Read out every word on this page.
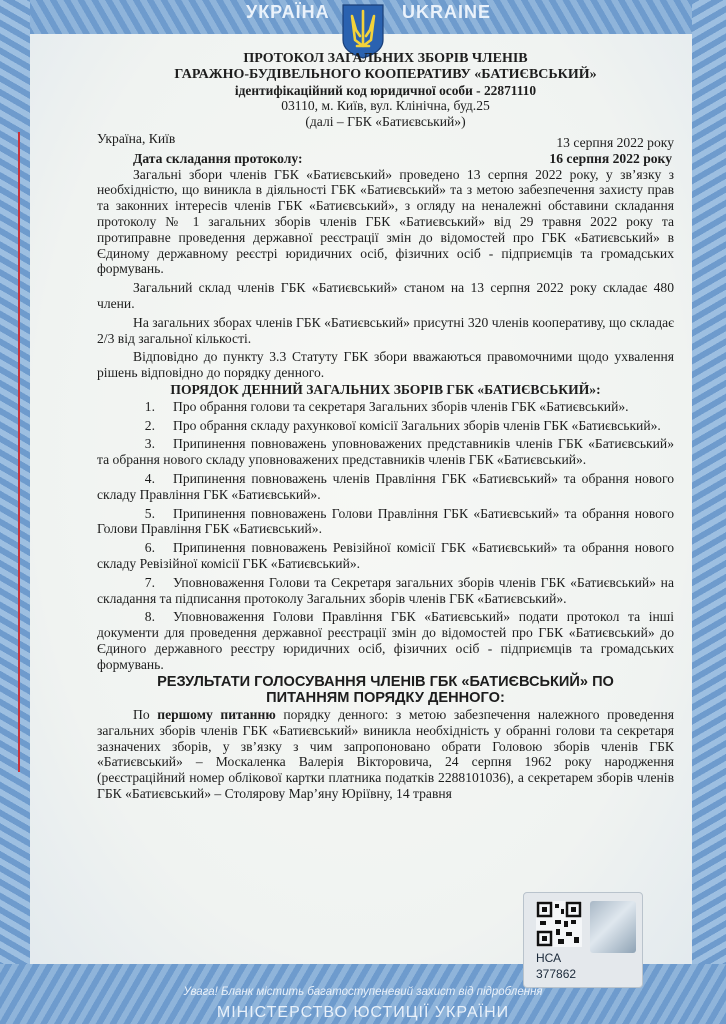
УКРАЇНА	UKRAINE

ПРОТОКОЛ ЗАГАЛЬНИХ ЗБОРІВ ЧЛЕНІВ

ГАРАЖНО-БУДІВЕЛЬНОГО КООПЕРАТИВУ «БАТИЄВСЬКИЙ»

ідентифікаційний код юридичної особи - 22871110

03110, м. Київ, вул. Клінічна, буд.25

(далі – ГБК «Батиєвський»)

Україна, Київ	13 серпня 2022 року
Дата складання протоколу:	16 серпня 2022 року

Загальні збори членів ГБК «Батиєвський» проведено 13 серпня 2022 року, у зв’язку з необхідністю, що виникла в діяльності ГБК «Батиєвський» та з метою забезпечення захисту прав та законних інтересів членів ГБК «Батиєвський», з огляду на неналежні обставини складання протоколу № 1 загальних зборів членів ГБК «Батиєвський» від 29 травня 2022 року та протиправне проведення державної реєстрації змін до відомостей про ГБК «Батиєвський» в Єдиному державному реєстрі юридичних осіб, фізичних осіб - підприємців та громадських формувань.

Загальний склад членів ГБК «Батиєвський» станом на 13 серпня 2022 року складає 480 члени.

На загальних зборах членів ГБК «Батиєвський» присутні 320 членів кооперативу, що складає 2/3 від загальної кількості.

Відповідно до пункту 3.3 Статуту ГБК збори вважаються правомочними щодо ухвалення рішень відповідно до порядку денного.

ПОРЯДОК ДЕННИЙ ЗАГАЛЬНИХ ЗБОРІВ ГБК «БАТИЄВСЬКИЙ»:

1. Про обрання голови та секретаря Загальних зборів членів ГБК «Батиєвський».

2. Про обрання складу рахункової комісії Загальних зборів членів ГБК «Батиєвський».

3. Припинення повноважень уповноважених представників членів ГБК «Батиєвський» та обрання нового складу уповноважених представників членів ГБК «Батиєвський».

4. Припинення повноважень членів Правління ГБК «Батиєвський» та обрання нового складу Правління ГБК «Батиєвський».

5. Припинення повноважень Голови Правління ГБК «Батиєвський» та обрання нового Голови Правління ГБК «Батиєвський».

6. Припинення повноважень Ревізійної комісії ГБК «Батиєвський» та обрання нового складу Ревізійної комісії ГБК «Батиєвський».

7. Уповноваження Голови та Секретаря загальних зборів членів ГБК «Батиєвський» на складання та підписання протоколу Загальних зборів членів ГБК «Батиєвський».

8. Уповноваження Голови Правління ГБК «Батиєвський» подати протокол та інші документи для проведення державної реєстрації змін до відомостей про ГБК «Батиєвський» до Єдиного державного реєстру юридичних осіб, фізичних осіб - підприємців та громадських формувань.

РЕЗУЛЬТАТИ ГОЛОСУВАННЯ ЧЛЕНІВ ГБК «БАТИЄВСЬКИЙ» ПО

ПИТАННЯМ ПОРЯДКУ ДЕННОГО:

По першому питанню порядку денного: з метою забезпечення належного проведення загальних зборів членів ГБК «Батиєвський» виникла необхідність у обранні голови та секретаря зазначених зборів, у зв’язку з чим запропоновано обрати Головою зборів членів ГБК «Батиєвський» – Москаленка Валерія Вікторовича, 24 серпня 1962 року народження (реєстраційний номер облікової картки платника податків 2288101036), а секретарем зборів членів ГБК «Батиєвський» – Столярову Мар’яну Юріївну, 14 травня

НСА
377862
Увага! Бланк містить багатоступеневий захист від підроблення
МІНІСТЕРСТВО ЮСТИЦІЇ УКРАЇНИ
